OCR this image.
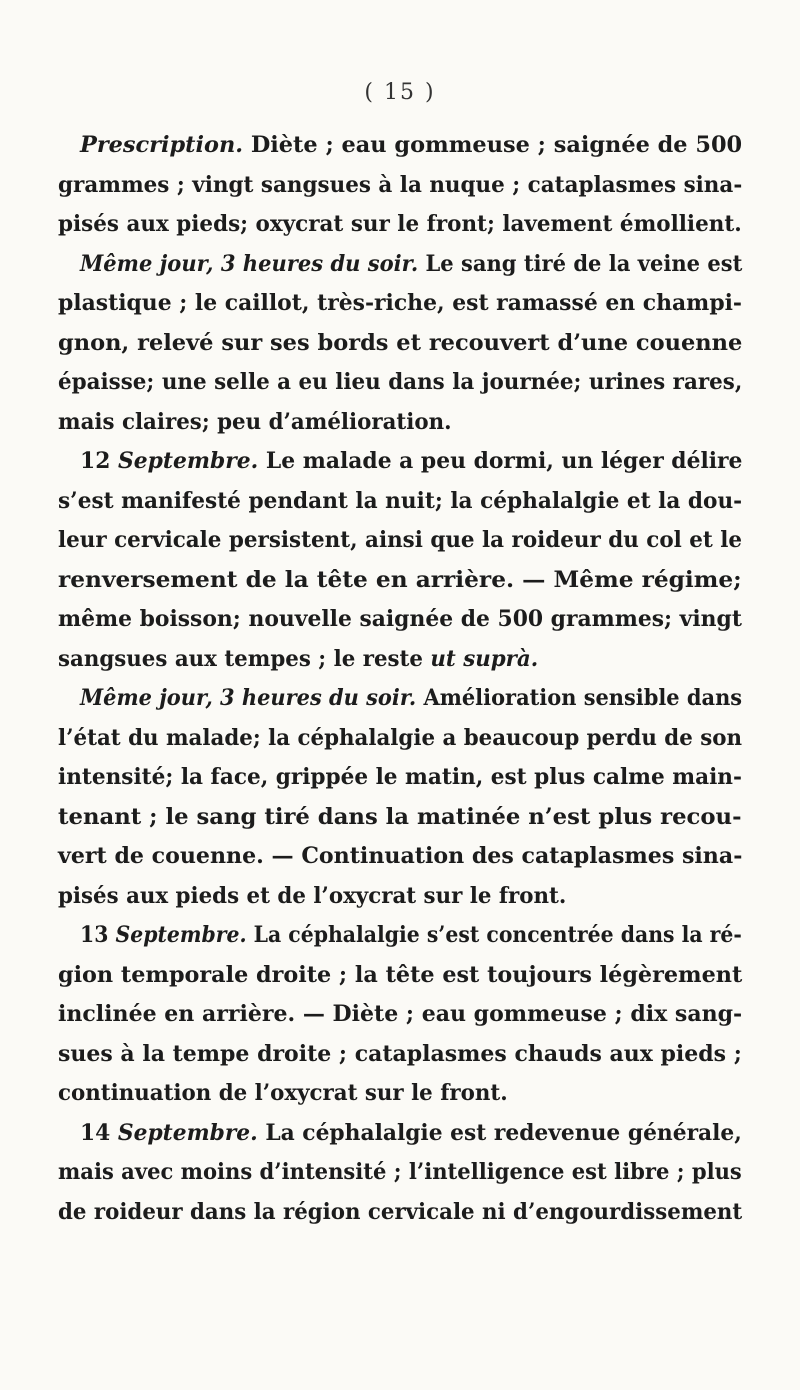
( 15 )
Prescription. Diète ; eau gommeuse ; saignée de 500
grammes ; vingt sangsues à la nuque ; cataplasmes sina-
pisés aux pieds; oxycrat sur le front; lavement émollient.
Même jour, 3 heures du soir. Le sang tiré de la veine est
plastique ; le caillot, très-riche, est ramassé en champi-
gnon, relevé sur ses bords et recouvert d’une couenne
épaisse; une selle a eu lieu dans la journée; urines rares,
mais claires; peu d’amélioration.
12 Septembre. Le malade a peu dormi, un léger délire
s’est manifesté pendant la nuit; la céphalalgie et la dou-
leur cervicale persistent, ainsi que la roideur du col et le
renversement de la tête en arrière. — Même régime;
même boisson; nouvelle saignée de 500 grammes; vingt
sangsues aux tempes ; le reste ut suprà.
Même jour, 3 heures du soir. Amélioration sensible dans
l’état du malade; la céphalalgie a beaucoup perdu de son
intensité; la face, grippée le matin, est plus calme main-
tenant ; le sang tiré dans la matinée n’est plus recou-
vert de couenne. — Continuation des cataplasmes sina-
pisés aux pieds et de l’oxycrat sur le front.
13 Septembre. La céphalalgie s’est concentrée dans la ré-
gion temporale droite ; la tête est toujours légèrement
inclinée en arrière. — Diète ; eau gommeuse ; dix sang-
sues à la tempe droite ; cataplasmes chauds aux pieds ;
continuation de l’oxycrat sur le front.
14 Septembre. La céphalalgie est redevenue générale,
mais avec moins d’intensité ; l’intelligence est libre ; plus
de roideur dans la région cervicale ni d’engourdissement
